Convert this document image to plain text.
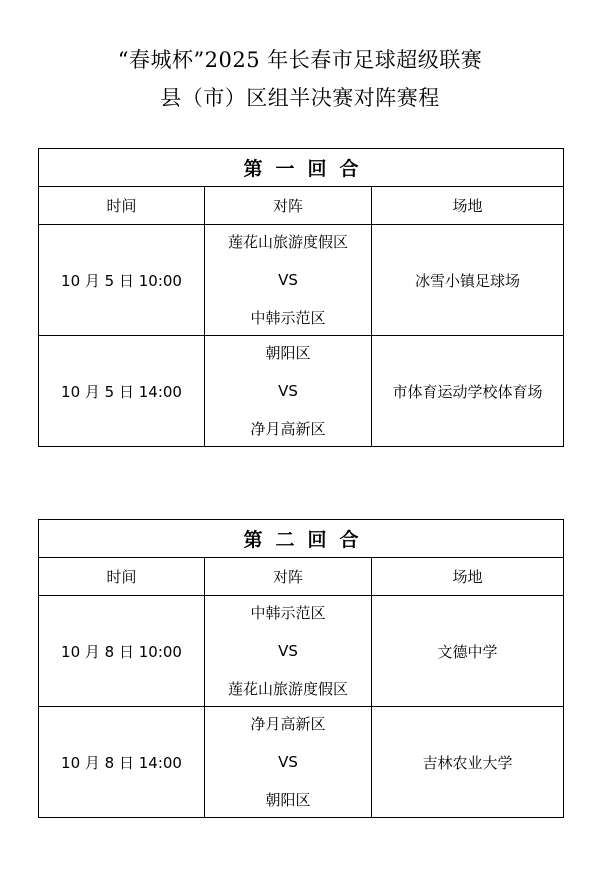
“春城杯”2025 年长春市足球超级联赛
县（市）区组半决赛对阵赛程
第一回合		
时间	对阵	场地
10 月 5 日 10:00	莲花山旅游度假区
VS
中韩示范区	冰雪小镇足球场
10 月 5 日 14:00	朝阳区
VS
净月高新区	市体育运动学校体育场
第二回合		
时间	对阵	场地
10 月 8 日 10:00	中韩示范区
VS
莲花山旅游度假区	文德中学
10 月 8 日 14:00	净月高新区
VS
朝阳区	吉林农业大学
